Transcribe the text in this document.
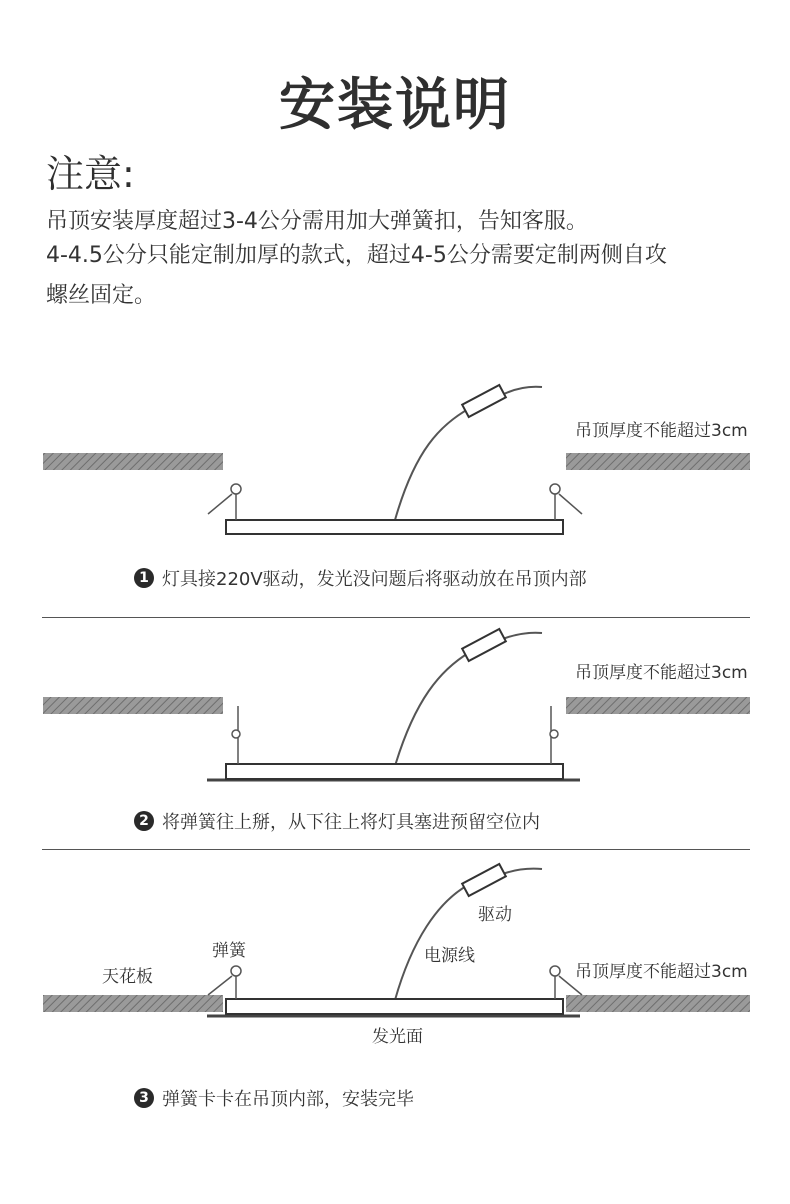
安装说明
注意:
吊顶安装厚度超过3-4公分需用加大弹簧扣，告知客服。
4-4.5公分只能定制加厚的款式，超过4-5公分需要定制两侧自攻
螺丝固定。
吊顶厚度不能超过3cm
1 灯具接220V驱动，发光没问题后将驱动放在吊顶内部
吊顶厚度不能超过3cm
2 将弹簧往上掰，从下往上将灯具塞进预留空位内
吊顶厚度不能超过3cm
驱动
弹簧	电源线
天花板
发光面
3 弹簧卡卡在吊顶内部，安装完毕
